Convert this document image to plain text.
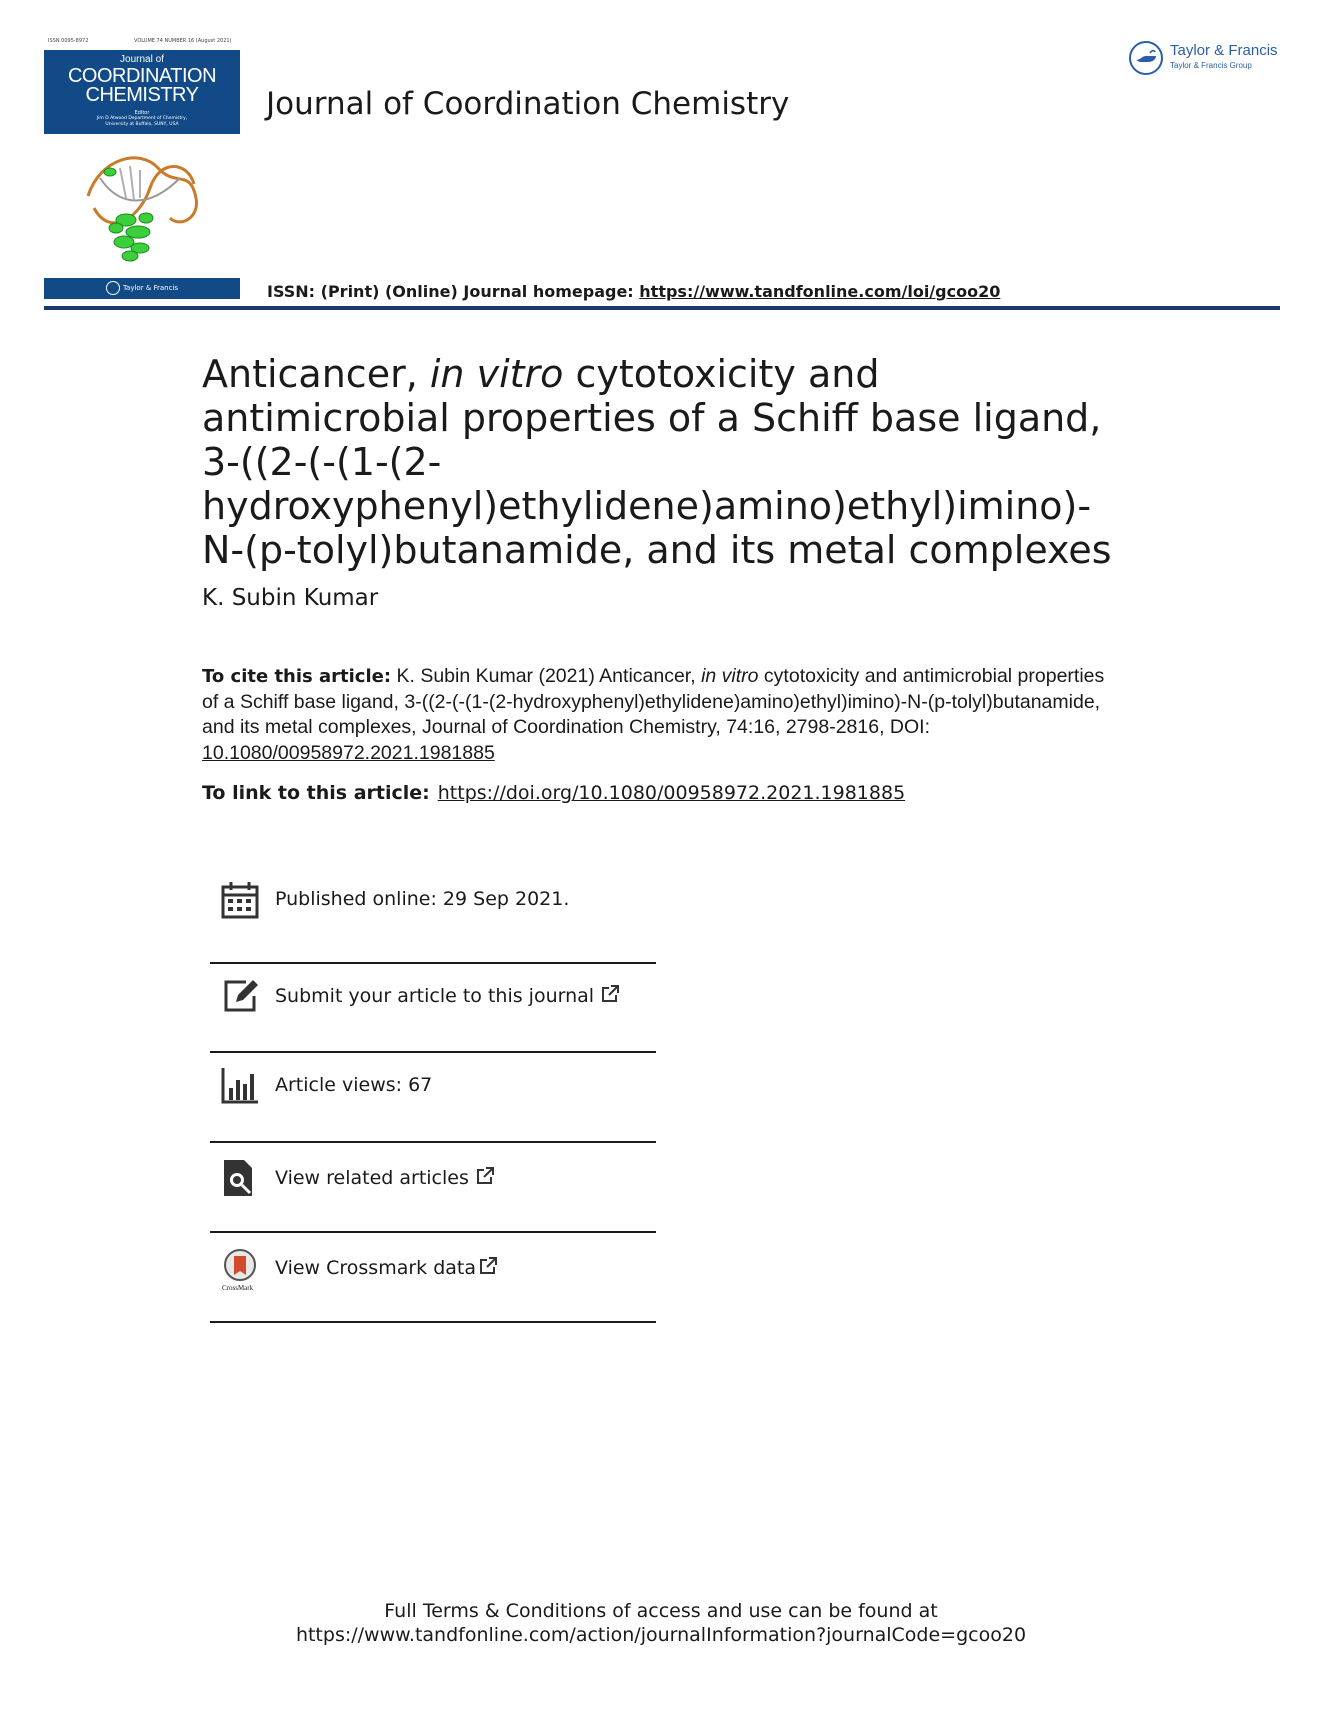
ISSN 0095-8972	VOLUME 74 NUMBER 16 (August 2021)
Journal of
COORDINATION
CHEMISTRY
Editor
Jim D Atwood Department of Chemistry,
University at Buffalo, SUNY, USA
Taylor & Francis
Journal of Coordination Chemistry
Taylor & Francis
Taylor & Francis Group
ISSN: (Print) (Online) Journal homepage: https://www.tandfonline.com/loi/gcoo20
Anticancer, in vitro cytotoxicity and antimicrobial properties of a Schiff base ligand, 3-((2-(-(1-(2-hydroxyphenyl)ethylidene)amino)ethyl)imino)-N-(p-tolyl)butanamide, and its metal complexes
K. Subin Kumar
To cite this article: K. Subin Kumar (2021) Anticancer, in vitro cytotoxicity and antimicrobial properties of a Schiff base ligand, 3-((2-(-(1-(2-hydroxyphenyl)ethylidene)amino)ethyl)imino)-N-(p-tolyl)butanamide, and its metal complexes, Journal of Coordination Chemistry, 74:16, 2798-2816, DOI: 10.1080/00958972.2021.1981885
To link to this article: https://doi.org/10.1080/00958972.2021.1981885
Published online: 29 Sep 2021.
Submit your article to this journal
Article views: 67
View related articles
CrossMark
View Crossmark data
Full Terms & Conditions of access and use can be found at
https://www.tandfonline.com/action/journalInformation?journalCode=gcoo20
